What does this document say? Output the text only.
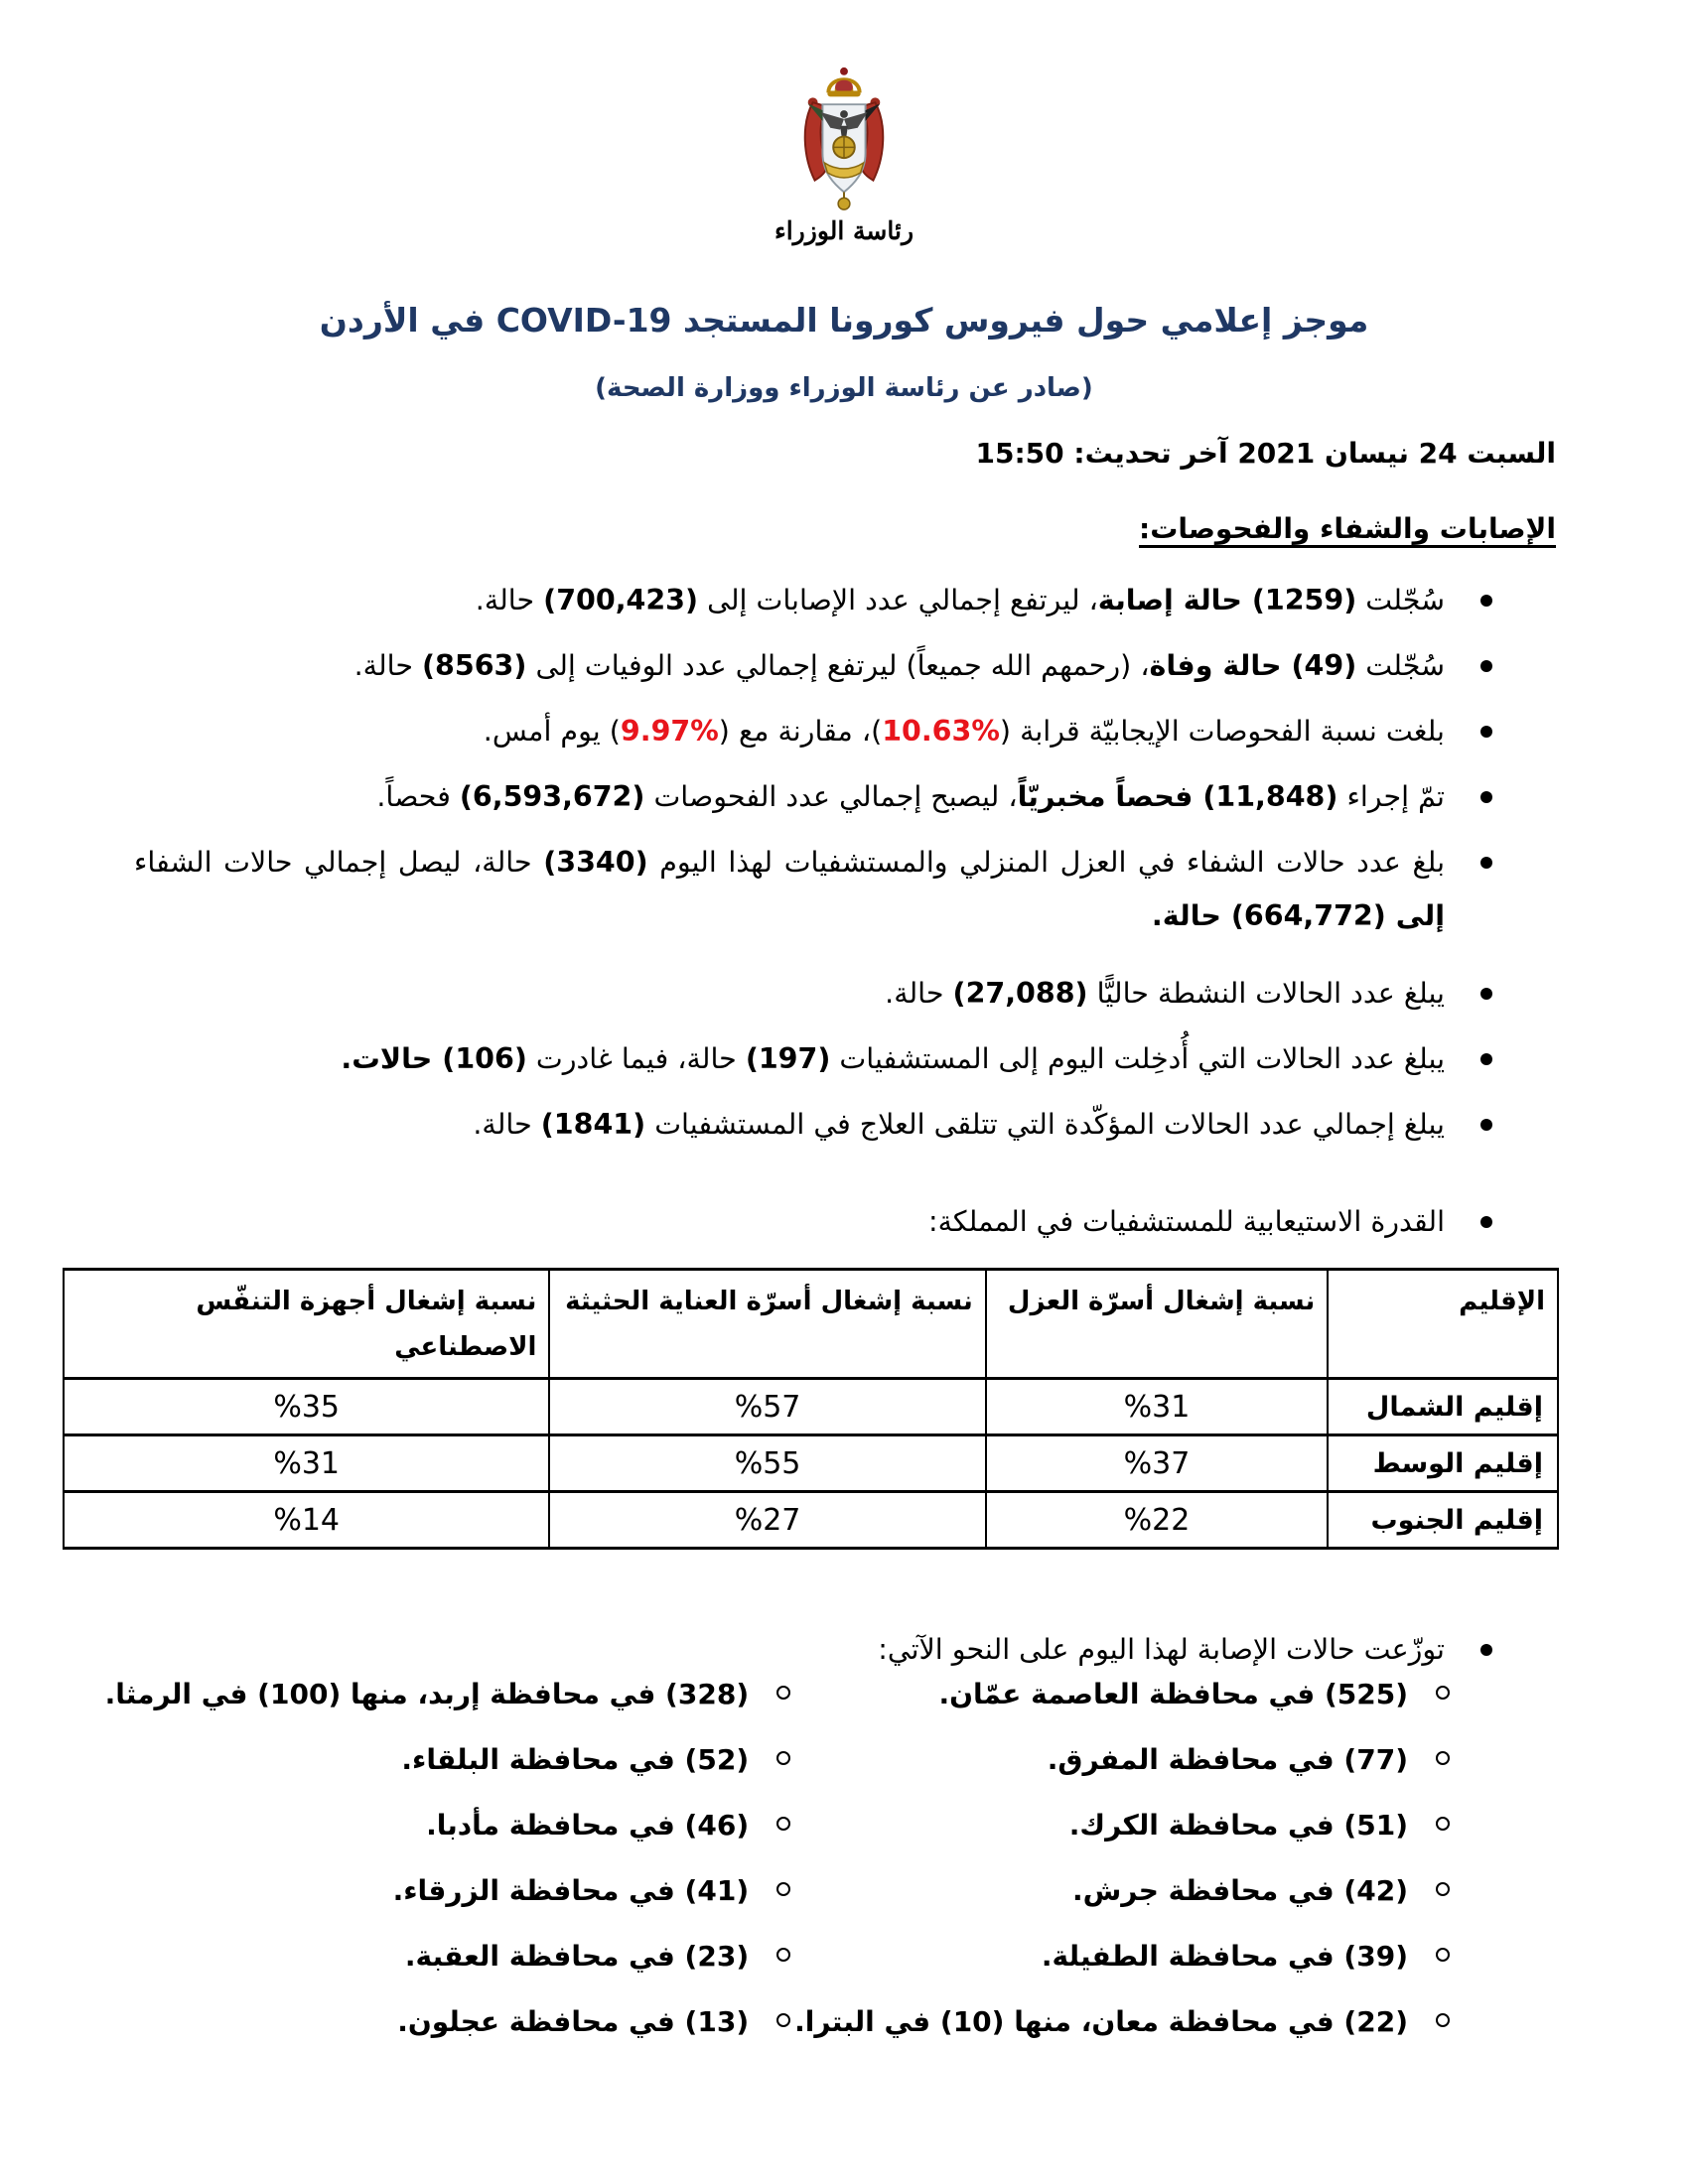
رئاسة الوزراء
موجز إعلامي حول فيروس كورونا المستجد COVID-19 في الأردن
(صادر عن رئاسة الوزراء ووزارة الصحة)
السبت 24 نيسان 2021 آخر تحديث: 15:50
الإصابات والشفاء والفحوصات:
سُجّلت (1259) حالة إصابة، ليرتفع إجمالي عدد الإصابات إلى (700,423) حالة.
سُجّلت (49) حالة وفاة، (رحمهم الله جميعاً) ليرتفع إجمالي عدد الوفيات إلى (8563) حالة.
بلغت نسبة الفحوصات الإيجابيّة قرابة (%10.63)، مقارنة مع (%9.97) يوم أمس.
تمّ إجراء (11,848) فحصاً مخبريّاً، ليصبح إجمالي عدد الفحوصات (6,593,672) فحصاً.
بلغ عدد حالات الشفاء في العزل المنزلي والمستشفيات لهذا اليوم (3340) حالة، ليصل إجمالي حالات الشفاء
إلى (664,772) حالة.
يبلغ عدد الحالات النشطة حاليًّا (27,088) حالة.
يبلغ عدد الحالات التي أُدخِلت اليوم إلى المستشفيات (197) حالة، فيما غادرت (106) حالات.
يبلغ إجمالي عدد الحالات المؤكّدة التي تتلقى العلاج في المستشفيات (1841) حالة.
القدرة الاستيعابية للمستشفيات في المملكة:
الإقليم	نسبة إشغال أسرّة العزل	نسبة إشغال أسرّة العناية الحثيثة	نسبة إشغال أجهزة التنفّس
الاصطناعي
إقليم الشمال	%31	%57	%35
إقليم الوسط	%37	%55	%31
إقليم الجنوب	%22	%27	%14
توزّعت حالات الإصابة لهذا اليوم على النحو الآتي:
(525) في محافظة العاصمة عمّان.
(77) في محافظة المفرق.
(51) في محافظة الكرك.
(42) في محافظة جرش.
(39) في محافظة الطفيلة.
(22) في محافظة معان، منها (10) في البترا.
(328) في محافظة إربد، منها (100) في الرمثا.
(52) في محافظة البلقاء.
(46) في محافظة مأدبا.
(41) في محافظة الزرقاء.
(23) في محافظة العقبة.
(13) في محافظة عجلون.
